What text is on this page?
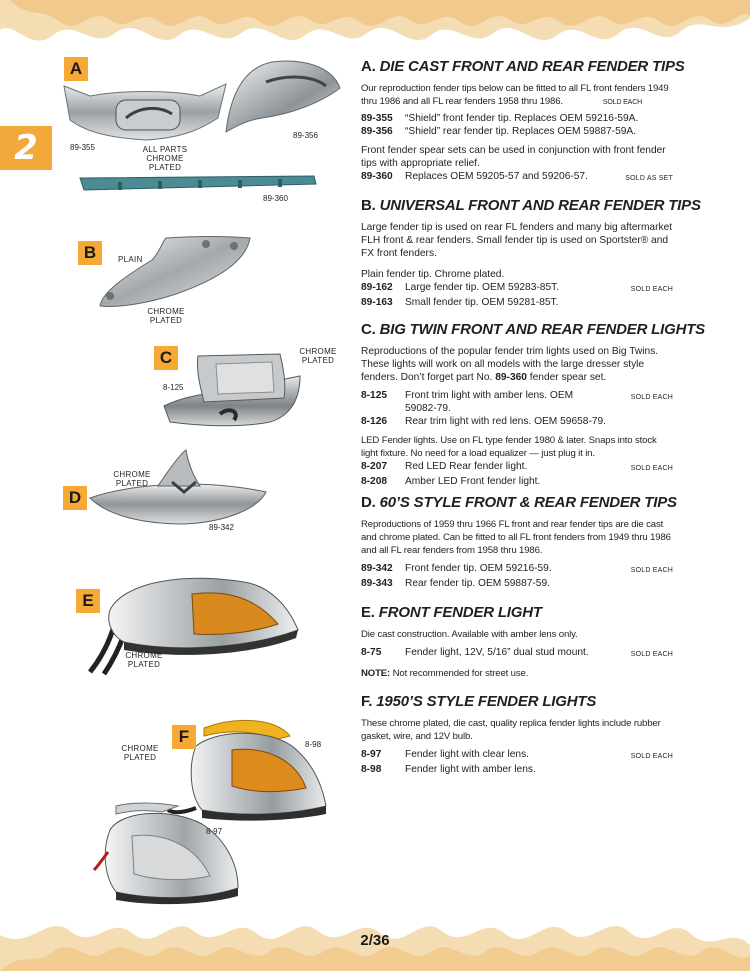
2
A
89-355
89-356
ALL PARTS
CHROME
PLATED
89-360
B	PLAIN
CHROME
PLATED
C
8-125
CHROME
PLATED
CHROME
PLATED
D
89-342
E
CHROME
PLATED
F	8-98
CHROME
PLATED
8-97
A. DIE CAST FRONT AND REAR FENDER TIPS
Our reproduction fender tips below can be fitted to all FL front fenders 1949 thru 1986 and all FL rear fenders 1958 thru 1986.	SOLD EACH
89-355	“Shield” front fender tip. Replaces OEM 59216-59A.
89-356	“Shield” rear fender tip. Replaces OEM 59887-59A.
Front fender spear sets can be used in conjunction with front fender tips with appropriate relief.
89-360	Replaces OEM 59205-57 and 59206-57.	SOLD AS SET
B. UNIVERSAL FRONT AND REAR FENDER TIPS
Large fender tip is used on rear FL fenders and many big aftermarket FLH front & rear fenders. Small fender tip is used on Sportster® and FX front fenders.
Plain fender tip. Chrome plated.
89-162	Large fender tip. OEM 59283-85T.	SOLD EACH
89-163	Small fender tip. OEM 59281-85T.
C. BIG TWIN FRONT AND REAR FENDER LIGHTS
Reproductions of the popular fender trim lights used on Big Twins. These lights will work on all models with the large dresser style fenders. Don’t forget part No. 89-360 fender spear set.
8-125	Front trim light with amber lens. OEM 59082-79.
SOLD EACH
8-126	Rear trim light with red lens. OEM 59658-79.
LED Fender lights. Use on FL type fender 1980 & later. Snaps into stock light fixture. No need for a load equalizer — just plug it in.
8-207	Red LED Rear fender light.	SOLD EACH
8-208	Amber LED Front fender light.
D. 60’S STYLE FRONT & REAR FENDER TIPS
Reproductions of 1959 thru 1966 FL front and rear fender tips are die cast and chrome plated. Can be fitted to all FL front fenders from 1949 thru 1986 and all FL rear fenders from 1958 thru 1986.
89-342	Front fender tip. OEM 59216-59.	SOLD EACH
89-343	Rear fender tip. OEM 59887-59.
E. FRONT FENDER LIGHT
Die cast construction. Available with amber lens only.
8-75	Fender light, 12V, 5/16” dual stud mount.	SOLD EACH
NOTE: Not recommended for street use.
F. 1950’S STYLE FENDER LIGHTS
These chrome plated, die cast, quality replica fender lights include rubber gasket, wire, and 12V bulb.
8-97	Fender light with clear lens.	SOLD EACH
8-98	Fender light with amber lens.
2/36
